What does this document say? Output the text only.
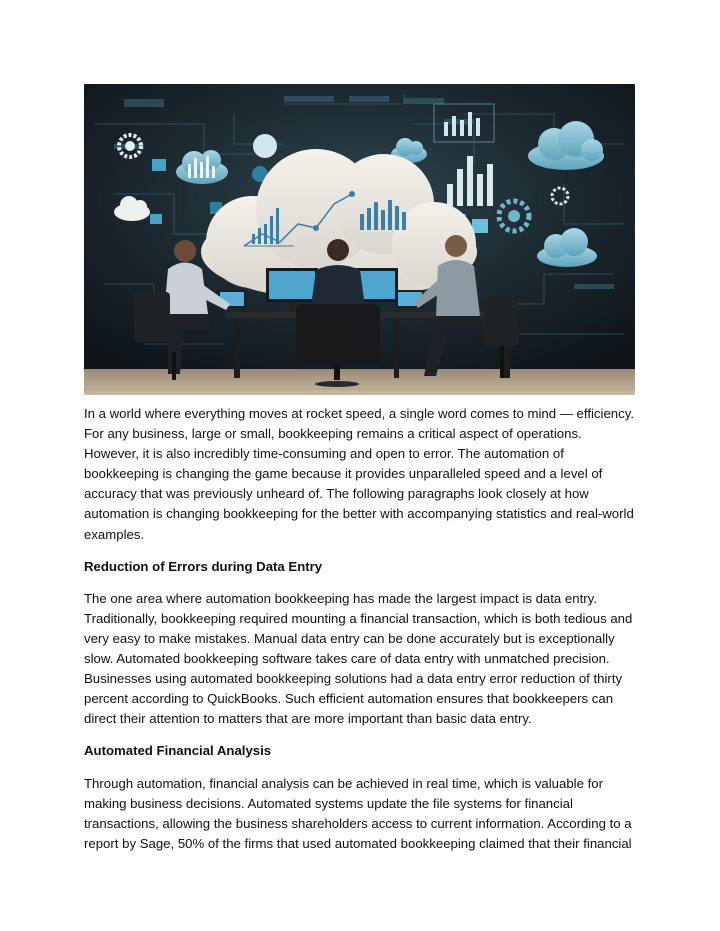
In a world where everything moves at rocket speed, a single word comes to mind — efficiency. For any business, large or small, bookkeeping remains a critical aspect of operations. However, it is also incredibly time-consuming and open to error. The automation of bookkeeping is changing the game because it provides unparalleled speed and a level of accuracy that was previously unheard of. The following paragraphs look closely at how automation is changing bookkeeping for the better with accompanying statistics and real-world examples.

Reduction of Errors during Data Entry

The one area where automation bookkeeping has made the largest impact is data entry. Traditionally, bookkeeping required mounting a financial transaction, which is both tedious and very easy to make mistakes. Manual data entry can be done accurately but is exceptionally slow. Automated bookkeeping software takes care of data entry with unmatched precision. Businesses using automated bookkeeping solutions had a data entry error reduction of thirty percent according to QuickBooks. Such efficient automation ensures that bookkeepers can direct their attention to matters that are more important than basic data entry.

Automated Financial Analysis

Through automation, financial analysis can be achieved in real time, which is valuable for making business decisions. Automated systems update the file systems for financial transactions, allowing the business shareholders access to current information. According to a report by Sage, 50% of the firms that used automated bookkeeping claimed that their financial
